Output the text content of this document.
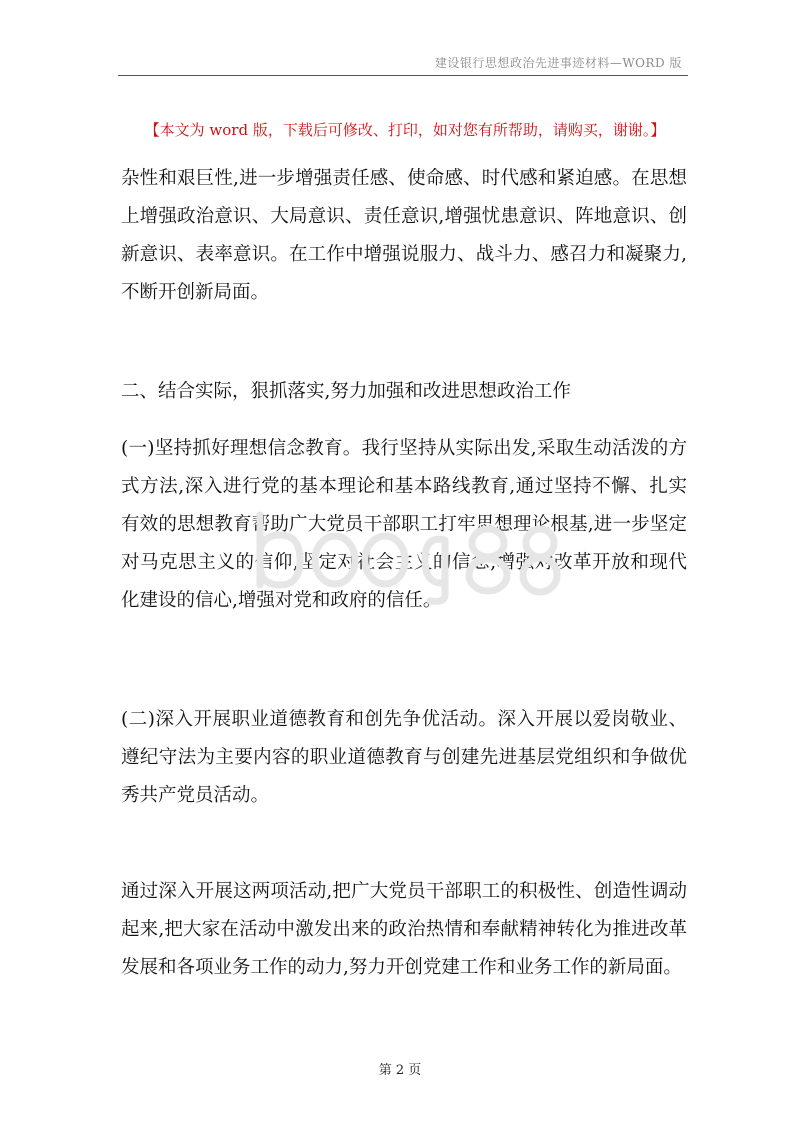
建设银行思想政治先进事迹材料—WORD 版
【本文为 word 版，下载后可修改、打印，如对您有所帮助，请购买，谢谢。】

杂性和艰巨性,进一步增强责任感、使命感、时代感和紧迫感。在思想上增强政治意识、大局意识、责任意识,增强忧患意识、阵地意识、创新意识、表率意识。在工作中增强说服力、战斗力、感召力和凝聚力,不断开创新局面。

二、结合实际，狠抓落实,努力加强和改进思想政治工作

(一)坚持抓好理想信念教育。我行坚持从实际出发,采取生动活泼的方式方法,深入进行党的基本理论和基本路线教育,通过坚持不懈、扎实有效的思想教育帮助广大党员干部职工打牢思想理论根基,进一步坚定对马克思主义的信仰,坚定对社会主义的信念,增强对改革开放和现代化建设的信心,增强对党和政府的信任。

(二)深入开展职业道德教育和创先争优活动。深入开展以爱岗敬业、遵纪守法为主要内容的职业道德教育与创建先进基层党组织和争做优秀共产党员活动。

通过深入开展这两项活动,把广大党员干部职工的积极性、创造性调动起来,把大家在活动中激发出来的政治热情和奉献精神转化为推进改革发展和各项业务工作的动力,努力开创党建工作和业务工作的新局面。

第 2 页
